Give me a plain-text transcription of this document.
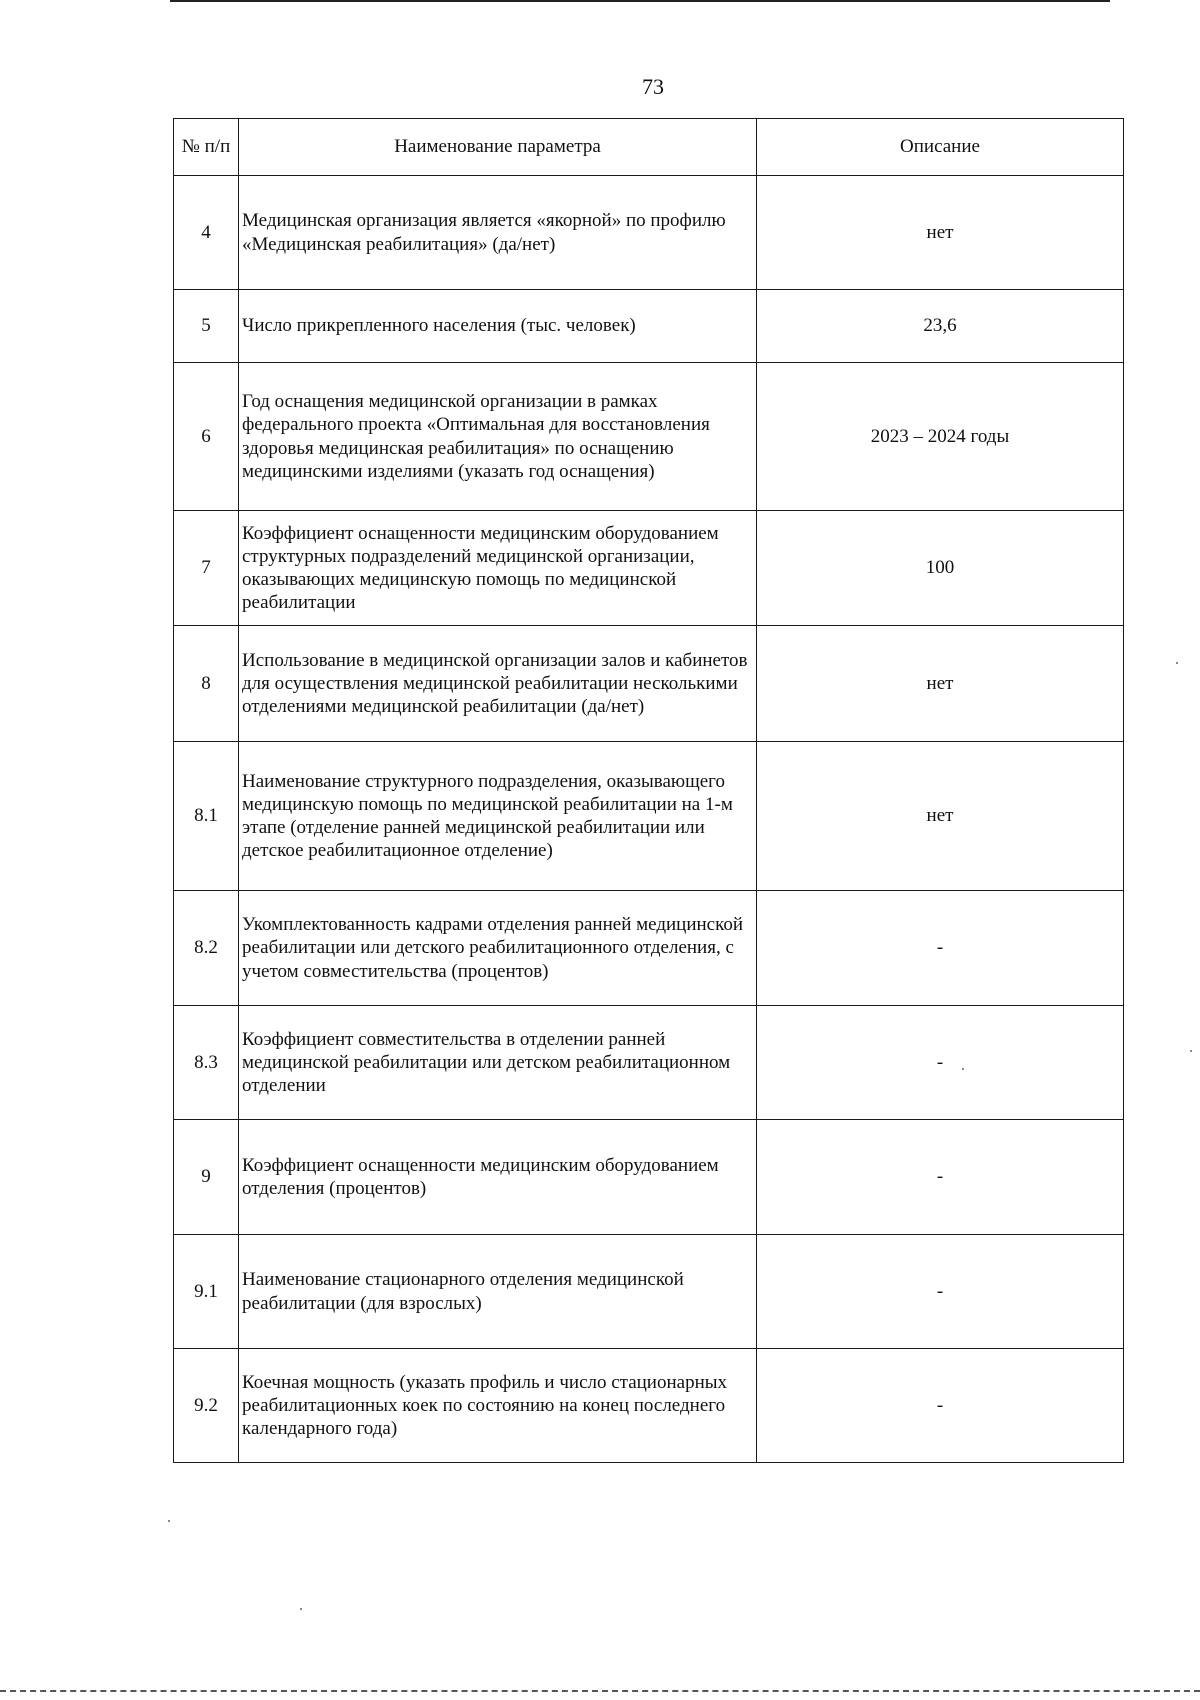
73
№ п/п	Наименование параметра	Описание
4	Медицинская организация является «якорной» по профилю «Медицинская реабилитация» (да/нет)	нет
5	Число прикрепленного населения (тыс. человек)	23,6
6	Год оснащения медицинской организации в рамках федерального проекта «Оптимальная для восстановления здоровья медицинская реабилитация» по оснащению медицинскими изделиями (указать год оснащения)	2023 – 2024 годы
7	Коэффициент оснащенности медицинским оборудованием структурных подразделений медицинской организации, оказывающих медицинскую помощь по медицинской реабилитации	100
8	Использование в медицинской организации залов и кабинетов для осуществления медицинской реабилитации несколькими отделениями медицинской реабилитации (да/нет)	нет
8.1	Наименование структурного подразделения, оказывающего медицинскую помощь по медицинской реабилитации на 1-м этапе (отделение ранней медицинской реабилитации или детское реабилитационное отделение)	нет
8.2	Укомплектованность кадрами отделения ранней медицинской реабилитации или детского реабилитационного отделения, с учетом совместительства (процентов)	-
8.3	Коэффициент совместительства в отделении ранней медицинской реабилитации или детском реабилитационном отделении	-
9	Коэффициент оснащенности медицинским оборудованием отделения (процентов)	-
9.1	Наименование стационарного отделения медицинской реабилитации (для взрослых)	-
9.2	Коечная мощность (указать профиль и число стационарных реабилитационных коек по состоянию на конец последнего календарного года)	-
